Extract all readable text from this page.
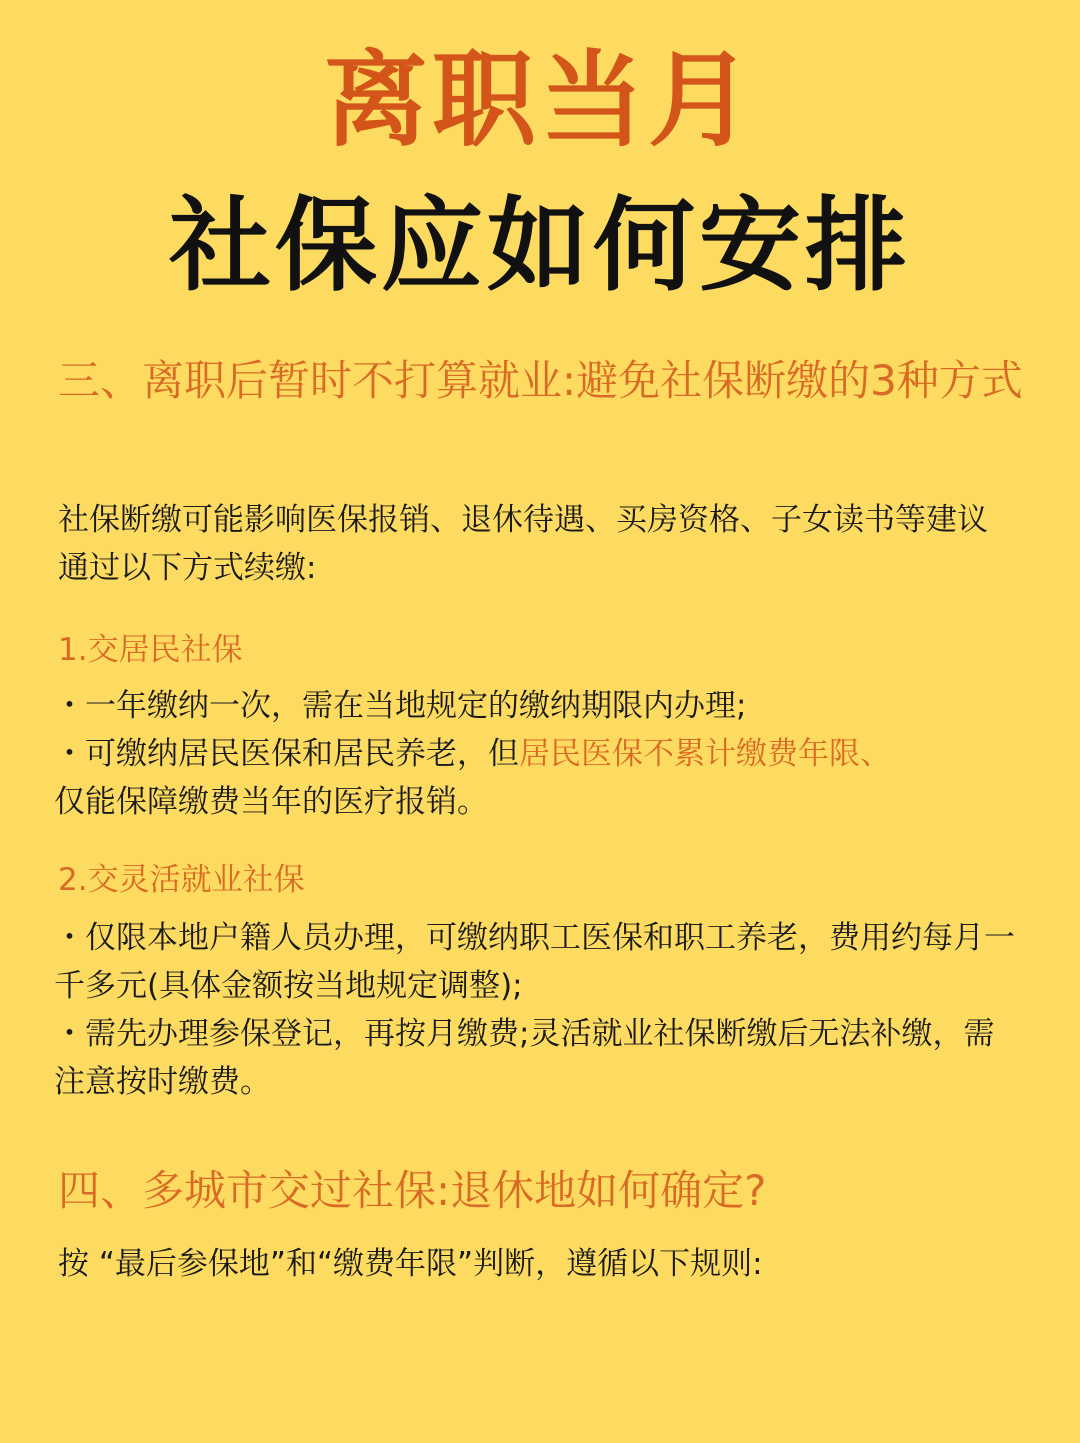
离职当月
社保应如何安排
三、离职后暂时不打算就业:避免社保断缴的3种方式

社保断缴可能影响医保报销、退休待遇、买房资格、子女读书等建议通过以下方式续缴:

1.交居民社保
・一年缴纳一次，需在当地规定的缴纳期限内办理;
・可缴纳居民医保和居民养老，但居民医保不累计缴费年限、
仅能保障缴费当年的医疗报销。
2.交灵活就业社保
・仅限本地户籍人员办理，可缴纳职工医保和职工养老，费用约每月一千多元(具体金额按当地规定调整);
・需先办理参保登记，再按月缴费;灵活就业社保断缴后无法补缴，需注意按时缴费。
四、多城市交过社保:退休地如何确定?

按 “最后参保地”和“缴费年限”判断，遵循以下规则:
